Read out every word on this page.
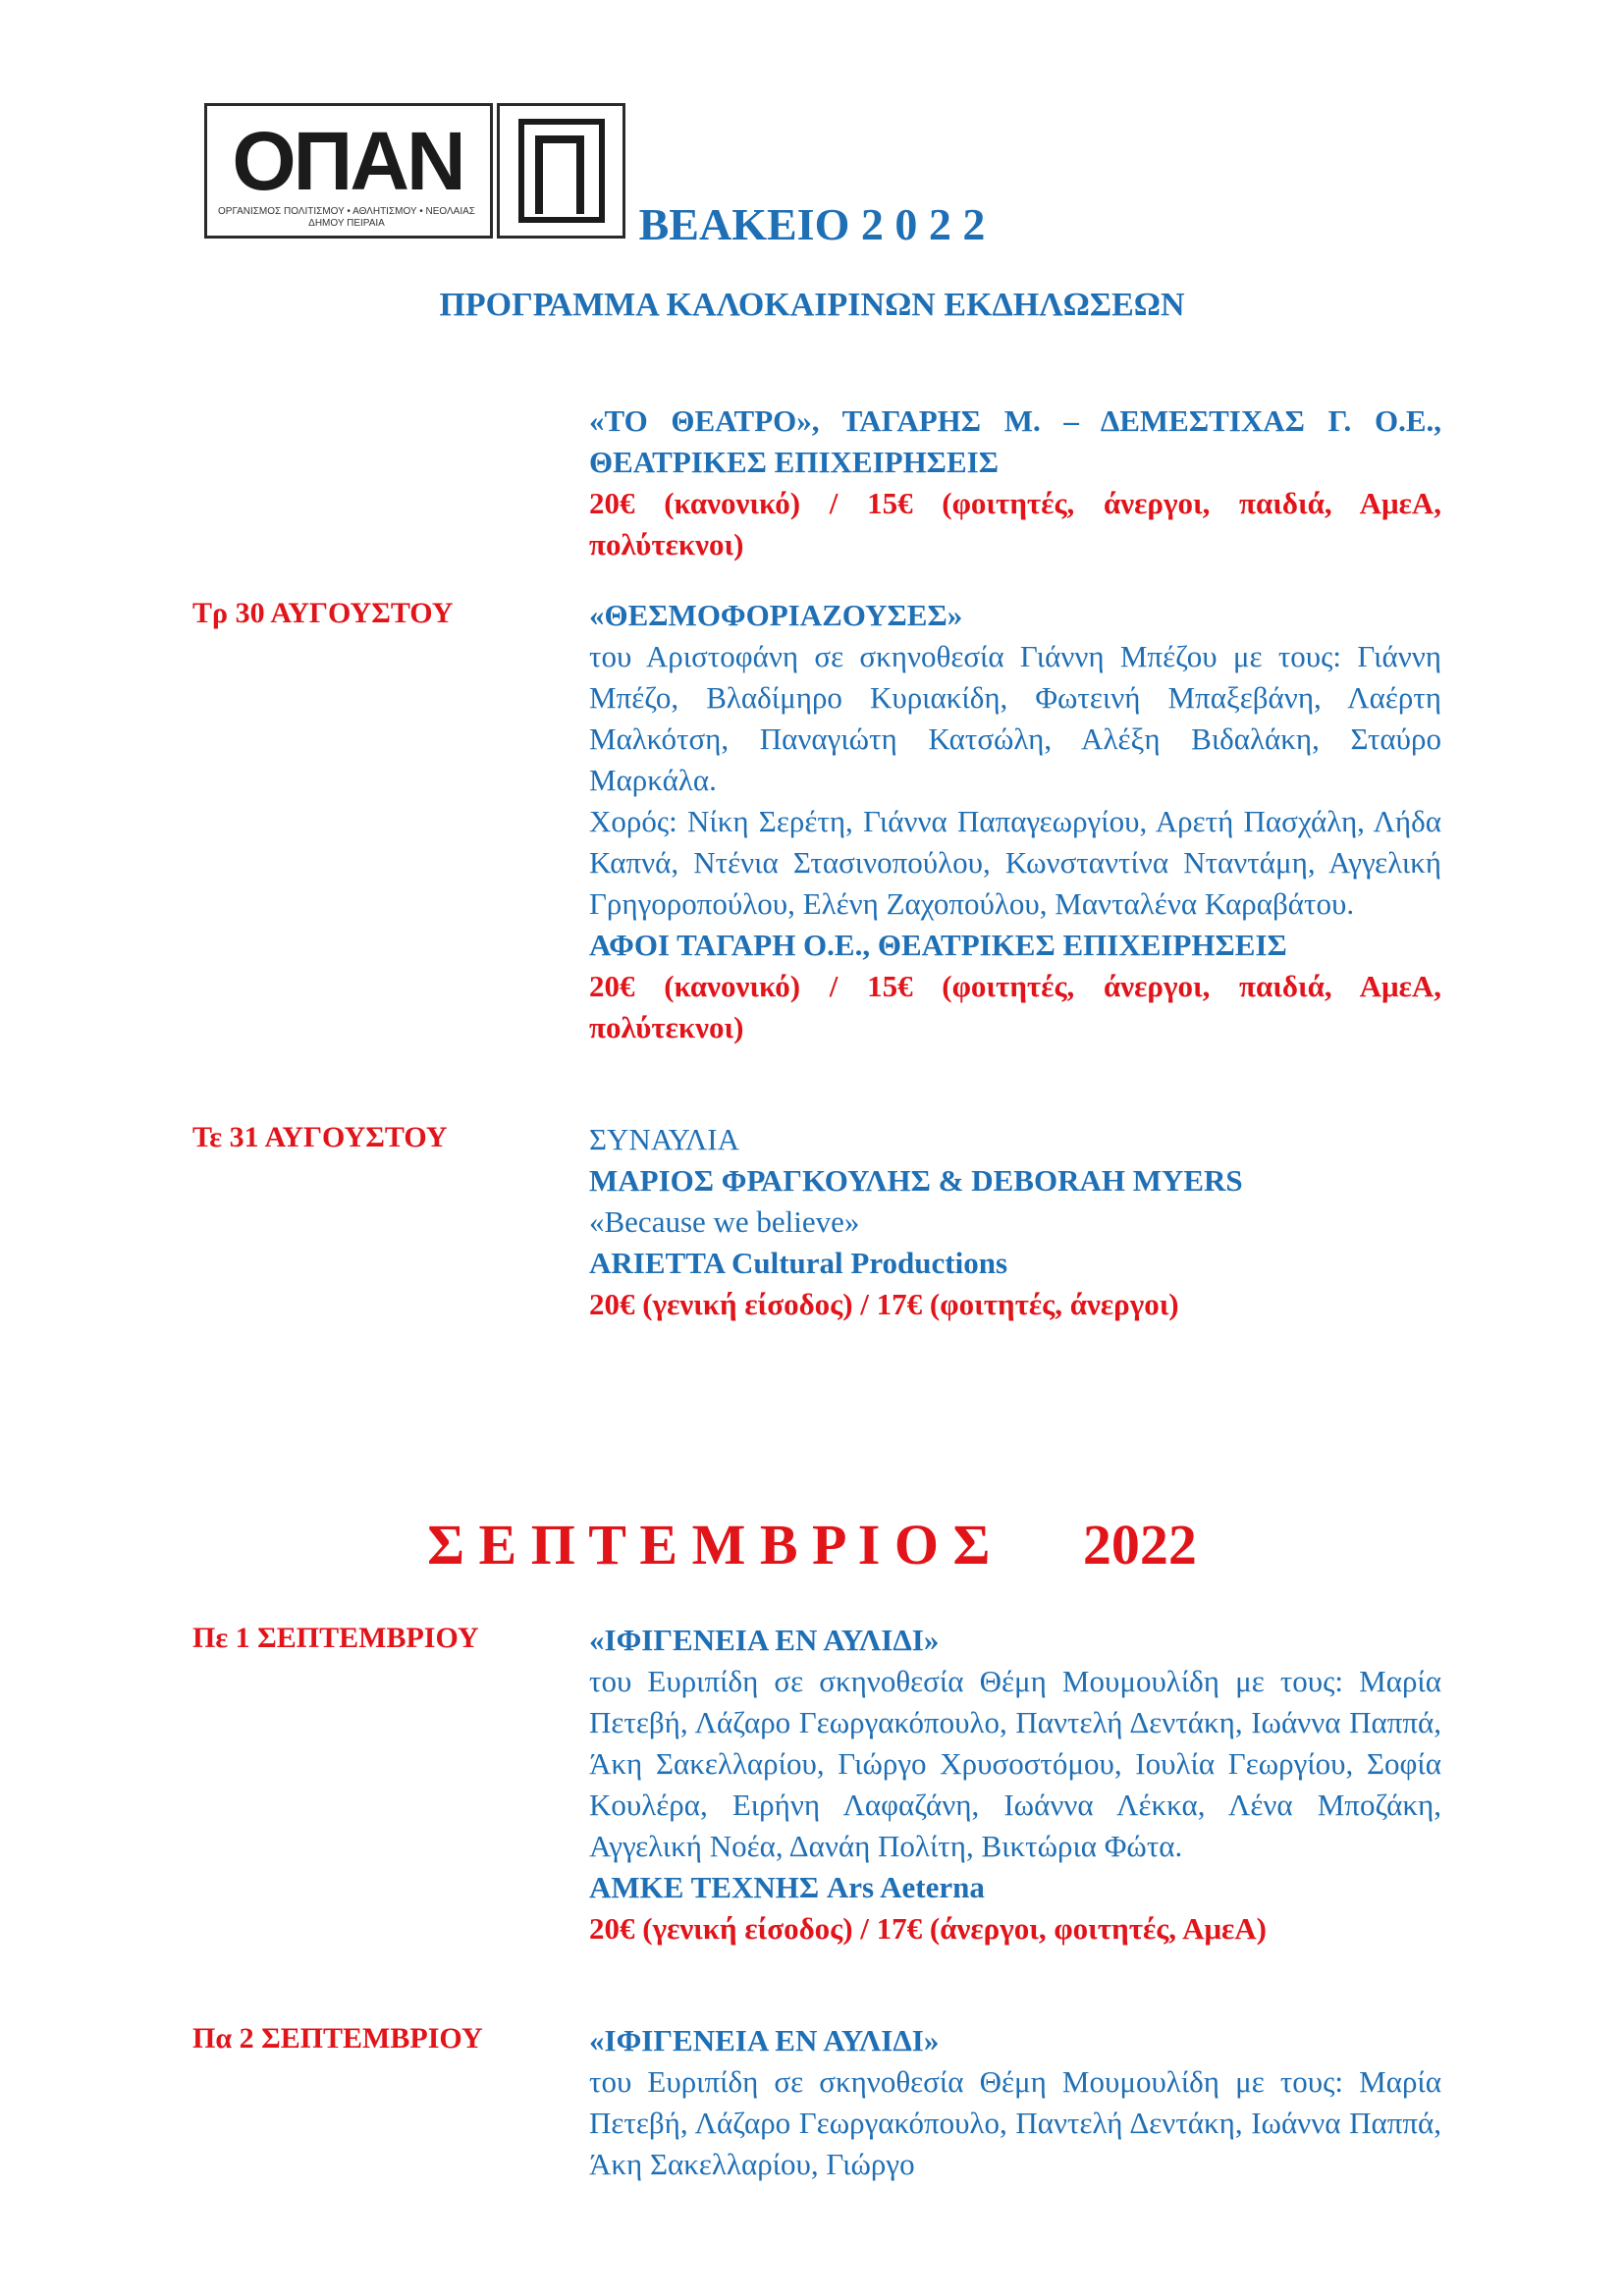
ΟΠΑΝ
ΟΡΓΑΝΙΣΜΟΣ ΠΟΛΙΤΙΣΜΟΥ • ΑΘΛΗΤΙΣΜΟΥ • ΝΕΟΛΑΙΑΣ
ΔΗΜΟΥ ΠΕΙΡΑΙΑ	ΒΕΑΚΕΙΟ 2 0 2 2
ΠΡΟΓΡΑΜΜΑ ΚΑΛΟΚΑΙΡΙΝΩΝ ΕΚΔΗΛΩΣΕΩΝ

«ΤΟ ΘΕΑΤΡΟ», ΤΑΓΑΡΗΣ Μ. – ΔΕΜΕΣΤΙΧΑΣ Γ. Ο.Ε., ΘΕΑΤΡΙΚΕΣ ΕΠΙΧΕΙΡΗΣΕΙΣ

20€ (κανονικό) / 15€ (φοιτητές, άνεργοι, παιδιά, ΑμεΑ, πολύτεκνοι)

Τρ 30 ΑΥΓΟΥΣΤΟΥ	«ΘΕΣΜΟΦΟΡΙΑΖΟΥΣΕΣ»

του Αριστοφάνη σε σκηνοθεσία Γιάννη Μπέζου με τους: Γιάννη Μπέζο, Βλαδίμηρο Κυριακίδη, Φωτεινή Μπαξεβάνη, Λαέρτη Μαλκότση, Παναγιώτη Κατσώλη, Αλέξη Βιδαλάκη, Σταύρο Μαρκάλα.

Χορός: Νίκη Σερέτη, Γιάννα Παπαγεωργίου, Αρετή Πασχάλη, Λήδα Καπνά, Ντένια Στασινοπούλου, Κωνσταντίνα Νταντάμη, Αγγελική Γρηγοροπούλου, Ελένη Ζαχοπούλου, Μανταλένα Καραβάτου.

ΑΦΟΙ ΤΑΓΑΡΗ Ο.Ε., ΘΕΑΤΡΙΚΕΣ ΕΠΙΧΕΙΡΗΣΕΙΣ

20€ (κανονικό) / 15€ (φοιτητές, άνεργοι, παιδιά, ΑμεΑ, πολύτεκνοι)

Τε 31 ΑΥΓΟΥΣΤΟΥ	ΣΥΝΑΥΛΙΑ

ΜΑΡΙΟΣ ΦΡΑΓΚΟΥΛΗΣ & DEBORAH MYERS

«Because we believe»

ARIETTA Cultural Productions

20€ (γενική είσοδος) / 17€ (φοιτητές, άνεργοι)

Σ Ε Π Τ Ε Μ Β Ρ Ι Ο Σ 2022
Πε 1 ΣΕΠΤΕΜΒΡΙΟΥ	«ΙΦΙΓΕΝΕΙΑ ΕΝ ΑΥΛΙΔΙ»

του Ευριπίδη σε σκηνοθεσία Θέμη Μουμουλίδη με τους: Μαρία Πετεβή, Λάζαρο Γεωργακόπουλο, Παντελή Δεντάκη, Ιωάννα Παππά, Άκη Σακελλαρίου, Γιώργο Χρυσοστόμου, Ιουλία Γεωργίου, Σοφία Κουλέρα, Ειρήνη Λαφαζάνη, Ιωάννα Λέκκα, Λένα Μποζάκη, Αγγελική Νοέα, Δανάη Πολίτη, Βικτώρια Φώτα.

ΑΜΚΕ ΤΕΧΝΗΣ Ars Aeterna

20€ (γενική είσοδος) / 17€ (άνεργοι, φοιτητές, ΑμεΑ)

Πα 2 ΣΕΠΤΕΜΒΡΙΟΥ	«ΙΦΙΓΕΝΕΙΑ ΕΝ ΑΥΛΙΔΙ»

του Ευριπίδη σε σκηνοθεσία Θέμη Μουμουλίδη με τους: Μαρία Πετεβή, Λάζαρο Γεωργακόπουλο, Παντελή Δεντάκη, Ιωάννα Παππά, Άκη Σακελλαρίου, Γιώργο
